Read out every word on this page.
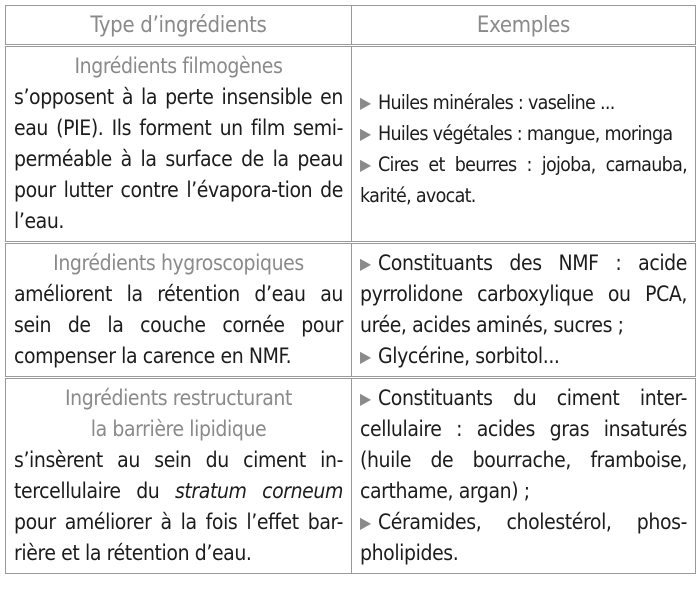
Type d’ingrédients	Exemples

Ingrédients filmogènes
s’opposent à la perte insensible en eau (PIE). Ils forment un film semi-perméable à la surface de la peau pour lutter contre l’évapora-tion de l’eau.	▶ Huiles minérales : vaseline ...
▶ Huiles végétales : mangue, moringa
▶ Cires et beurres : jojoba, carnauba, karité, avocat.

Ingrédients hygroscopiques
améliorent la rétention d’eau au sein de la couche cornée pour compenser la carence en NMF.	▶ Constituants des NMF : acide pyrrolidone carboxylique ou PCA, urée, acides aminés, sucres ;
▶ Glycérine, sorbitol...

Ingrédients restructurant
la barrière lipidique
s’insèrent au sein du ciment in-tercellulaire du stratum corneum pour améliorer à la fois l’effet bar-rière et la rétention d’eau.	▶ Constituants du ciment inter-cellulaire : acides gras insaturés (huile de bourrache, framboise, carthame, argan) ;
▶ Céramides, cholestérol, phos-pholipides.
